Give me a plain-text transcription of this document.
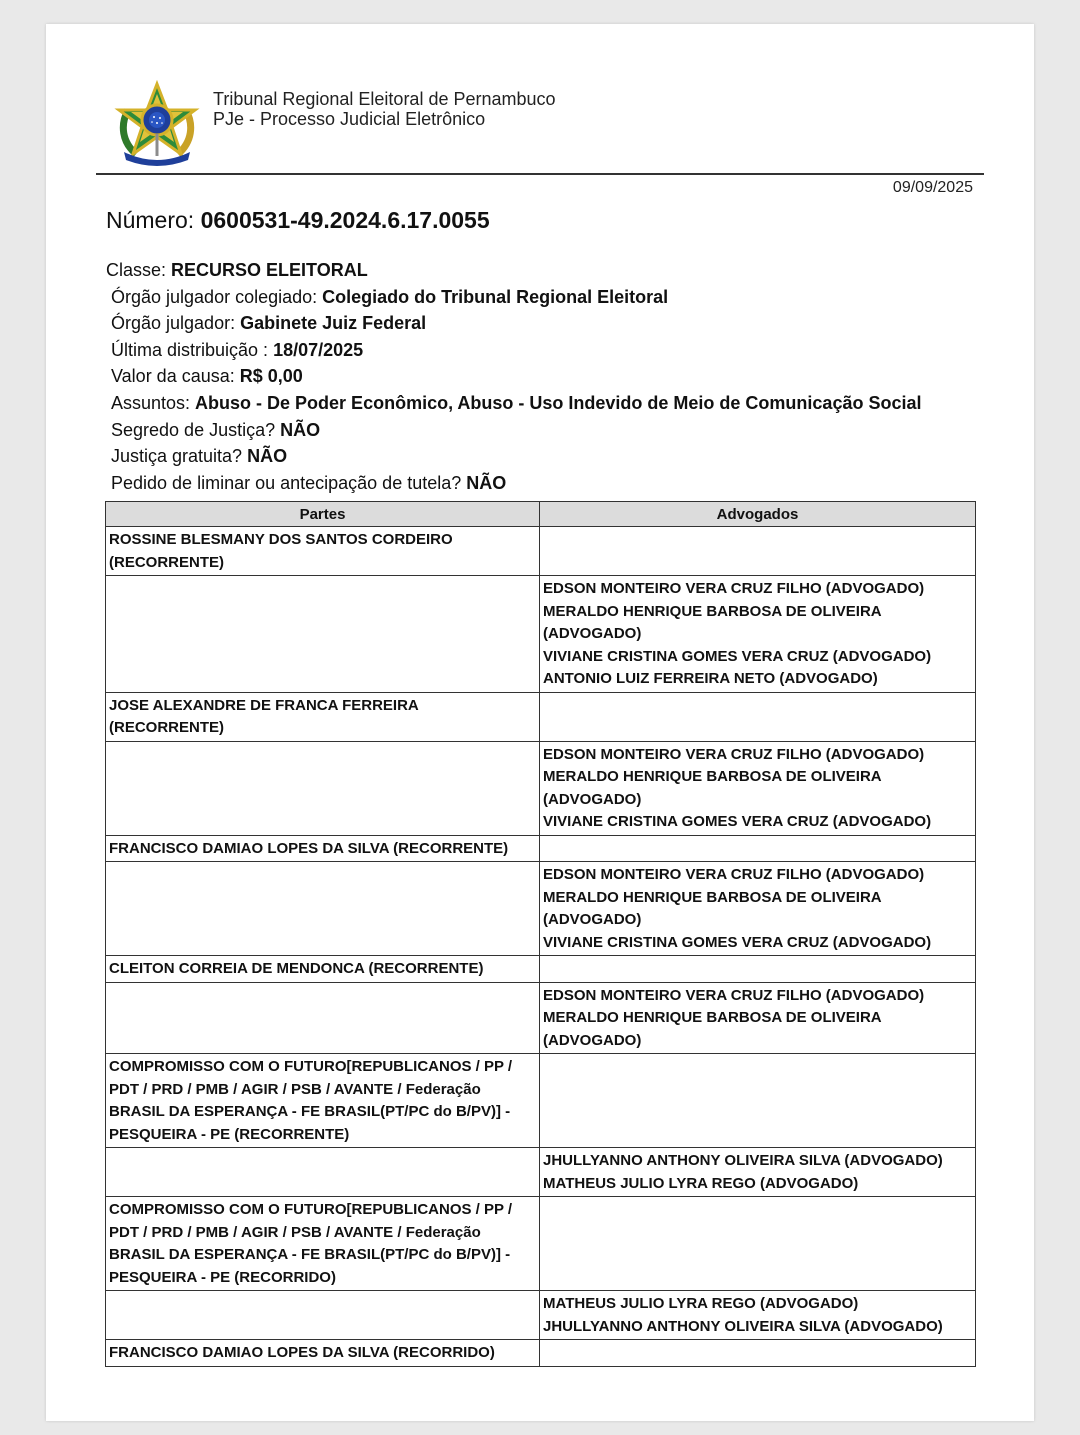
Tribunal Regional Eleitoral de Pernambuco
PJe - Processo Judicial Eletrônico
09/09/2025
Número: 0600531-49.2024.6.17.0055
Classe: RECURSO ELEITORAL
Órgão julgador colegiado: Colegiado do Tribunal Regional Eleitoral
Órgão julgador: Gabinete Juiz Federal
Última distribuição : 18/07/2025
Valor da causa: R$ 0,00
Assuntos: Abuso - De Poder Econômico, Abuso - Uso Indevido de Meio de Comunicação Social
Segredo de Justiça? NÃO
Justiça gratuita? NÃO
Pedido de liminar ou antecipação de tutela? NÃO
Partes	Advogados

ROSSINE BLESMANY DOS SANTOS CORDEIRO
(RECORRENTE)	

	EDSON MONTEIRO VERA CRUZ FILHO (ADVOGADO)
MERALDO HENRIQUE BARBOSA DE OLIVEIRA
(ADVOGADO)
VIVIANE CRISTINA GOMES VERA CRUZ (ADVOGADO)
ANTONIO LUIZ FERREIRA NETO (ADVOGADO)

JOSE ALEXANDRE DE FRANCA FERREIRA
(RECORRENTE)	

	EDSON MONTEIRO VERA CRUZ FILHO (ADVOGADO)
MERALDO HENRIQUE BARBOSA DE OLIVEIRA
(ADVOGADO)
VIVIANE CRISTINA GOMES VERA CRUZ (ADVOGADO)

FRANCISCO DAMIAO LOPES DA SILVA (RECORRENTE)	

	EDSON MONTEIRO VERA CRUZ FILHO (ADVOGADO)
MERALDO HENRIQUE BARBOSA DE OLIVEIRA
(ADVOGADO)
VIVIANE CRISTINA GOMES VERA CRUZ (ADVOGADO)

CLEITON CORREIA DE MENDONCA (RECORRENTE)	

	EDSON MONTEIRO VERA CRUZ FILHO (ADVOGADO)
MERALDO HENRIQUE BARBOSA DE OLIVEIRA
(ADVOGADO)

COMPROMISSO COM O FUTURO[REPUBLICANOS / PP /
PDT / PRD / PMB / AGIR / PSB / AVANTE / Federação
BRASIL DA ESPERANÇA - FE BRASIL(PT/PC do B/PV)] -
PESQUEIRA - PE (RECORRENTE)	

	JHULLYANNO ANTHONY OLIVEIRA SILVA (ADVOGADO)
MATHEUS JULIO LYRA REGO (ADVOGADO)

COMPROMISSO COM O FUTURO[REPUBLICANOS / PP /
PDT / PRD / PMB / AGIR / PSB / AVANTE / Federação
BRASIL DA ESPERANÇA - FE BRASIL(PT/PC do B/PV)] -
PESQUEIRA - PE (RECORRIDO)	

	MATHEUS JULIO LYRA REGO (ADVOGADO)
JHULLYANNO ANTHONY OLIVEIRA SILVA (ADVOGADO)

FRANCISCO DAMIAO LOPES DA SILVA (RECORRIDO)	
